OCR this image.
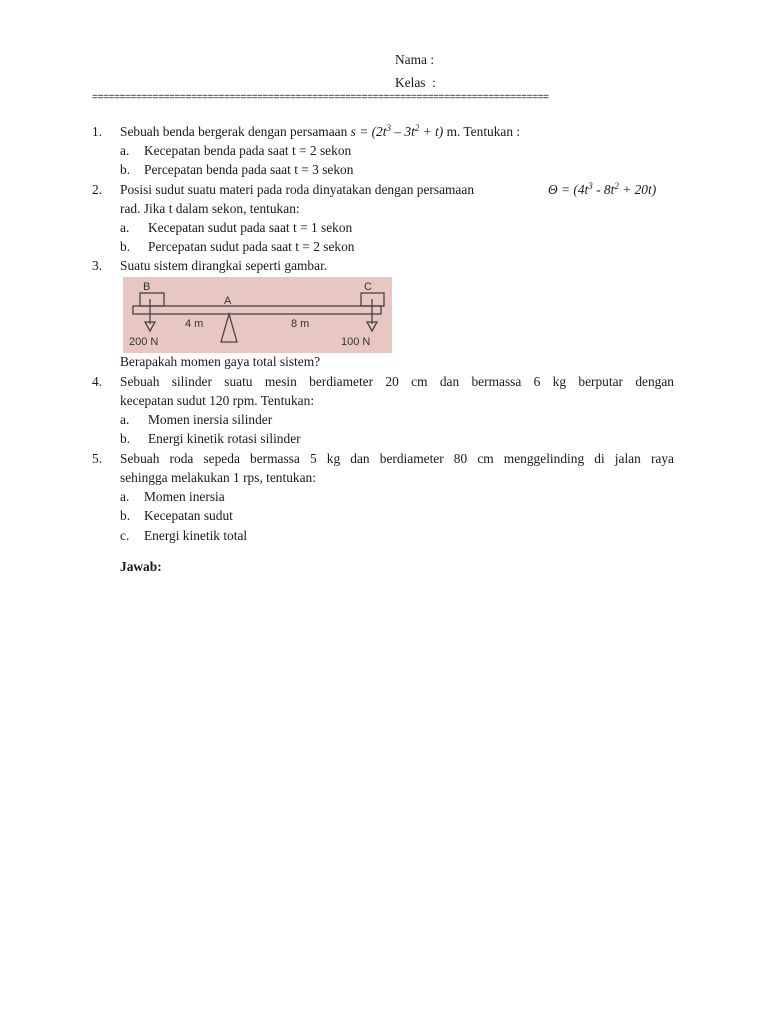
Nama :
Kelas  :
===================================================================================
1. Sebuah benda bergerak dengan persamaan $s = (2t^3 - 3t^2 + t)$ m. Tentukan :
a. Kecepatan benda pada saat t = 2 sekon
b. Percepatan benda pada saat t = 3 sekon
2. Posisi sudut suatu materi pada roda dinyatakan dengan persamaan	$\Theta = (4t^3 - 8t^2 + 20t)$
rad. Jika t dalam sekon, tentukan:
a. Kecepatan sudut pada saat t = 1 sekon
b. Percepatan sudut pada saat t = 2 sekon
3. Suatu sistem dirangkai seperti gambar.
B
A
C
4 m	8 m
200 N	100 N
Berapakah momen gaya total sistem?
4. Sebuah silinder suatu mesin berdiameter 20 cm dan bermassa 6 kg berputar dengan
kecepatan sudut 120 rpm. Tentukan:
a. Momen inersia silinder
b. Energi kinetik rotasi silinder
5. Sebuah roda sepeda bermassa 5 kg dan berdiameter 80 cm menggelinding di jalan raya
sehingga melakukan 1 rps, tentukan:
a. Momen inersia
b. Kecepatan sudut
c. Energi kinetik total
Jawab:
